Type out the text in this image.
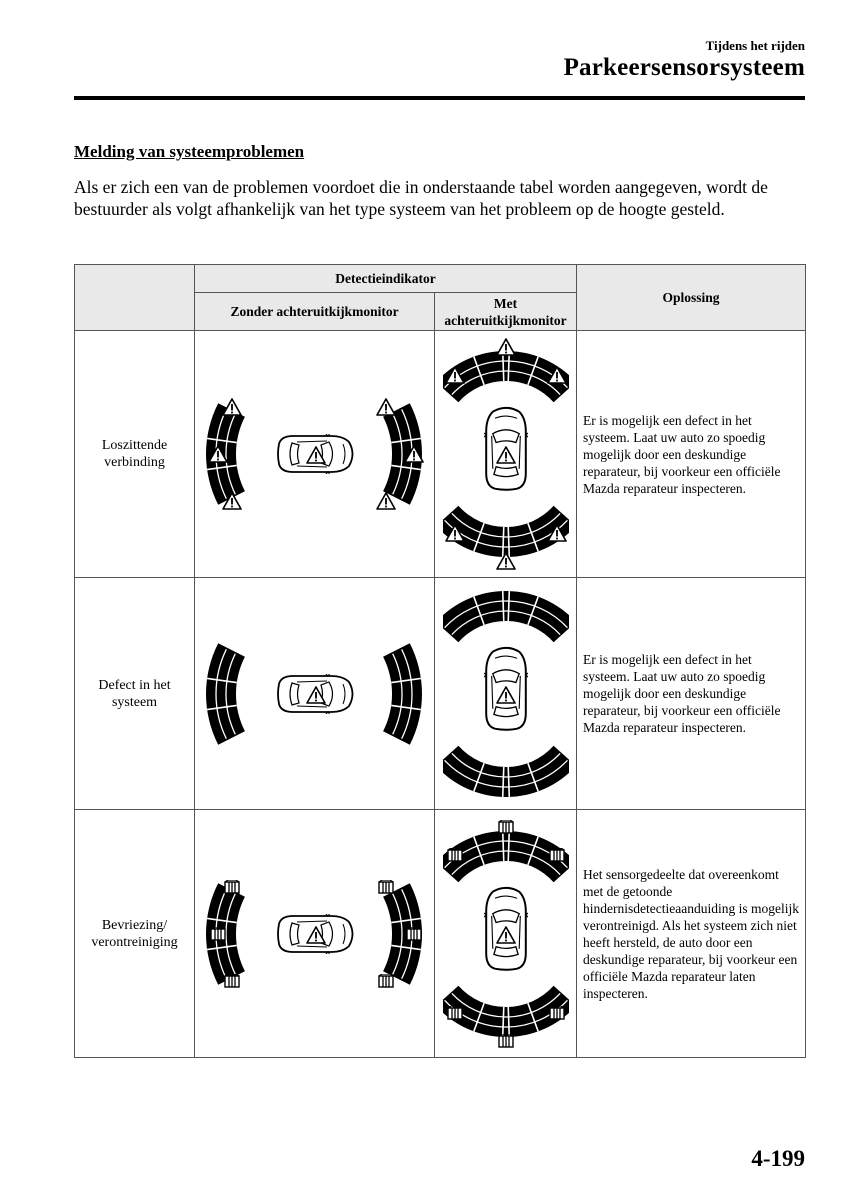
Tijdens het rijden
Parkeersensorsysteem
Melding van systeemproblemen
Als er zich een van de problemen voordoet die in onderstaande tabel worden aangegeven, wordt de bestuurder als volgt afhankelijk van het type systeem van het probleem op de hoogte gesteld.
	Detectieindikator		Oplossing
	Zonder achteruitkijkmonitor	Met
achteruitkijkmonitor	
Loszittende
verbinding			Er is mogelijk een defect in het systeem. Laat uw auto zo spoedig mogelijk door een deskundige reparateur, bij voorkeur een officiële Mazda reparateur inspecteren.
Defect in het
systeem			Er is mogelijk een defect in het systeem. Laat uw auto zo spoedig mogelijk door een deskundige reparateur, bij voorkeur een officiële Mazda reparateur inspecteren.
Bevriezing/
verontreiniging			Het sensorgedeelte dat overeenkomt met de getoonde hindernisdetectieaanduiding is mogelijk verontreinigd. Als het systeem zich niet heeft hersteld, de auto door een deskundige reparateur, bij voorkeur een officiële Mazda reparateur laten inspecteren.
4-199
